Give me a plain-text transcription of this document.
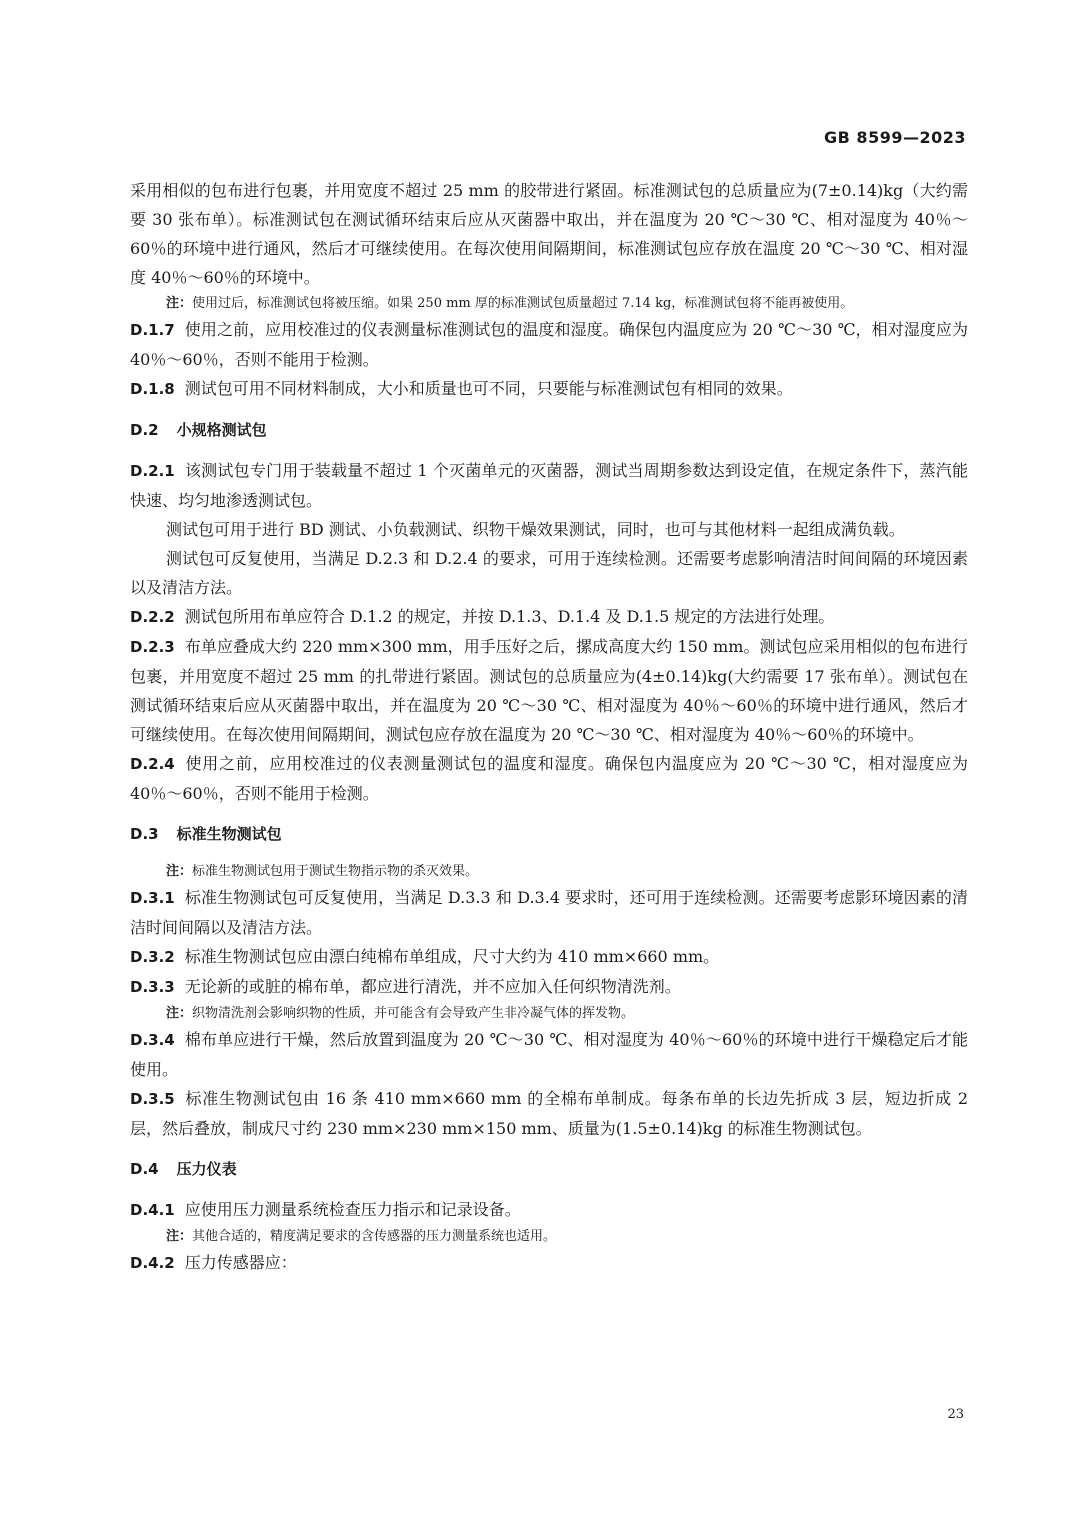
GB 8599—2023

采用相似的包布进行包裹，并用宽度不超过 25 mm 的胶带进行紧固。标准测试包的总质量应为(7±0.14)kg（大约需要 30 张布单）。标准测试包在测试循环结束后应从灭菌器中取出，并在温度为 20 ℃～30 ℃、相对湿度为 40％～60％的环境中进行通风，然后才可继续使用。在每次使用间隔期间，标准测试包应存放在温度 20 ℃～30 ℃、相对湿度 40％～60％的环境中。

注：使用过后，标准测试包将被压缩。如果 250 mm 厚的标准测试包质量超过 7.14 kg，标准测试包将不能再被使用。

D.1.7 使用之前，应用校准过的仪表测量标准测试包的温度和湿度。确保包内温度应为 20 ℃～30 ℃，相对湿度应为 40％～60％，否则不能用于检测。

D.1.8 测试包可用不同材料制成，大小和质量也可不同，只要能与标准测试包有相同的效果。

D.2 小规格测试包

D.2.1 该测试包专门用于装载量不超过 1 个灭菌单元的灭菌器，测试当周期参数达到设定值，在规定条件下，蒸汽能快速、均匀地渗透测试包。

测试包可用于进行 BD 测试、小负载测试、织物干燥效果测试，同时，也可与其他材料一起组成满负载。

测试包可反复使用，当满足 D.2.3 和 D.2.4 的要求，可用于连续检测。还需要考虑影响清洁时间间隔的环境因素以及清洁方法。

D.2.2 测试包所用布单应符合 D.1.2 的规定，并按 D.1.3、D.1.4 及 D.1.5 规定的方法进行处理。

D.2.3 布单应叠成大约 220 mm×300 mm，用手压好之后，摞成高度大约 150 mm。测试包应采用相似的包布进行包裹，并用宽度不超过 25 mm 的扎带进行紧固。测试包的总质量应为(4±0.14)kg(大约需要 17 张布单）。测试包在测试循环结束后应从灭菌器中取出，并在温度为 20 ℃～30 ℃、相对湿度为 40％～60％的环境中进行通风，然后才可继续使用。在每次使用间隔期间，测试包应存放在温度为 20 ℃～30 ℃、相对湿度为 40％～60％的环境中。

D.2.4 使用之前，应用校准过的仪表测量测试包的温度和湿度。确保包内温度应为 20 ℃～30 ℃，相对湿度应为 40％～60％，否则不能用于检测。

D.3 标准生物测试包

注：标准生物测试包用于测试生物指示物的杀灭效果。

D.3.1 标准生物测试包可反复使用，当满足 D.3.3 和 D.3.4 要求时，还可用于连续检测。还需要考虑影环境因素的清洁时间间隔以及清洁方法。

D.3.2 标准生物测试包应由漂白纯棉布单组成，尺寸大约为 410 mm×660 mm。

D.3.3 无论新的或脏的棉布单，都应进行清洗，并不应加入任何织物清洗剂。

注：织物清洗剂会影响织物的性质，并可能含有会导致产生非冷凝气体的挥发物。

D.3.4 棉布单应进行干燥，然后放置到温度为 20 ℃～30 ℃、相对湿度为 40％～60％的环境中进行干燥稳定后才能使用。

D.3.5 标准生物测试包由 16 条 410 mm×660 mm 的全棉布单制成。每条布单的长边先折成 3 层，短边折成 2 层，然后叠放，制成尺寸约 230 mm×230 mm×150 mm、质量为(1.5±0.14)kg 的标准生物测试包。

D.4 压力仪表

D.4.1 应使用压力测量系统检查压力指示和记录设备。

注：其他合适的，精度满足要求的含传感器的压力测量系统也适用。

D.4.2 压力传感器应：

23
